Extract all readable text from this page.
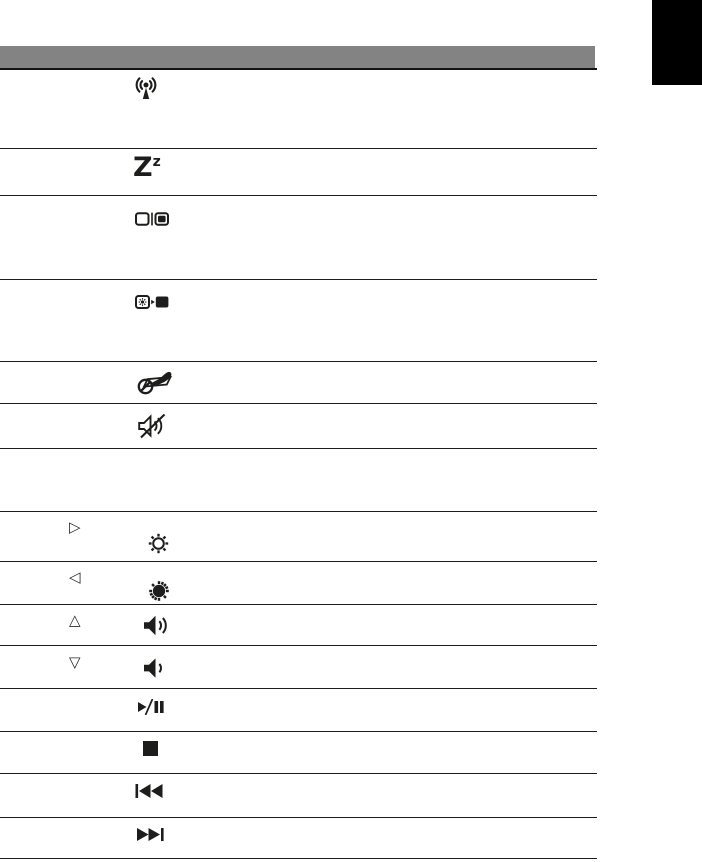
$Z^z$
▷
◁
△
▽
